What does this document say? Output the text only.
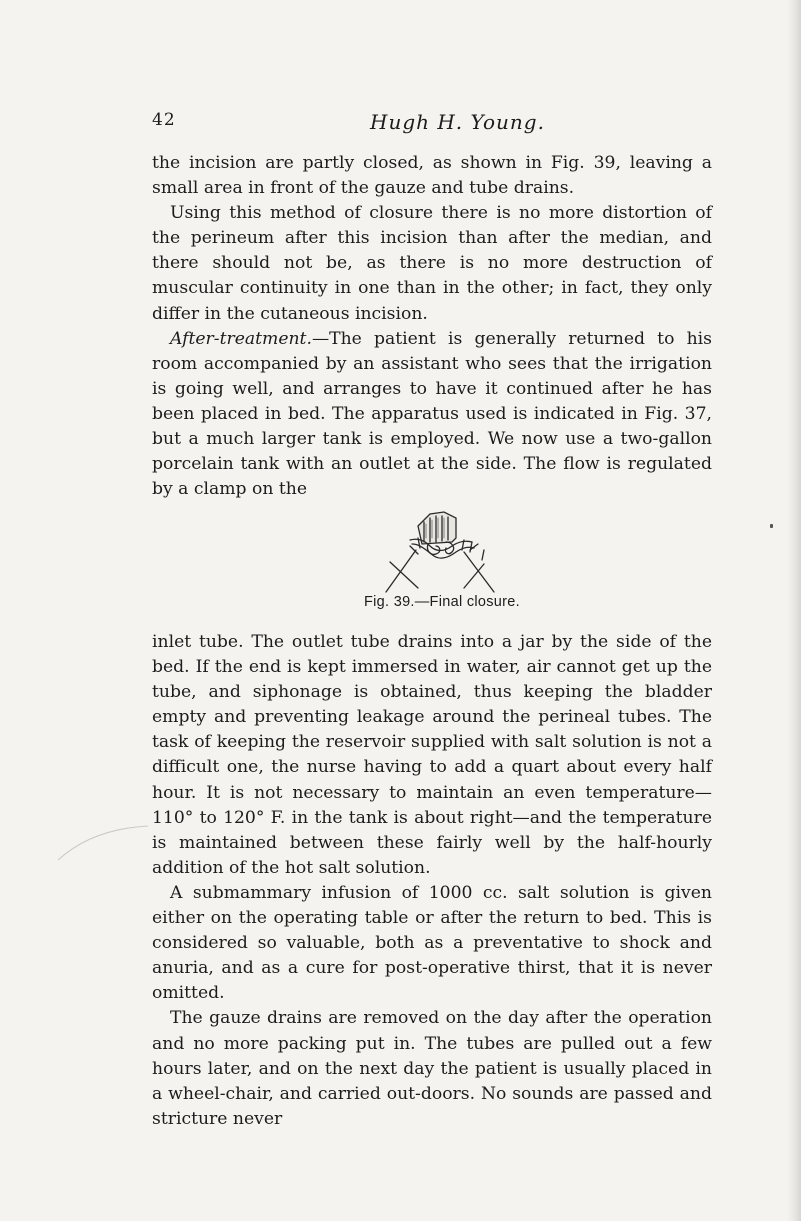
42	Hugh H. Young.

the incision are partly closed, as shown in Fig. 39, leaving a small area in front of the gauze and tube drains.

Using this method of closure there is no more distortion of the perineum after this incision than after the median, and there should not be, as there is no more destruction of muscular continuity in one than in the other; in fact, they only differ in the cutaneous incision.

After-treatment.—The patient is generally returned to his room accompanied by an assistant who sees that the irrigation is going well, and arranges to have it continued after he has been placed in bed. The apparatus used is indicated in Fig. 37, but a much larger tank is employed. We now use a two-gallon porcelain tank with an outlet at the side. The flow is regulated by a clamp on the

Fig. 39.—Final closure.

inlet tube. The outlet tube drains into a jar by the side of the bed. If the end is kept immersed in water, air cannot get up the tube, and siphonage is obtained, thus keeping the bladder empty and preventing leakage around the perineal tubes. The task of keeping the reservoir supplied with salt solution is not a difficult one, the nurse having to add a quart about every half hour. It is not necessary to maintain an even temperature—110° to 120° F. in the tank is about right—and the temperature is maintained between these fairly well by the half-hourly addition of the hot salt solution.

A submammary infusion of 1000 cc. salt solution is given either on the operating table or after the return to bed. This is considered so valuable, both as a preventative to shock and anuria, and as a cure for post-operative thirst, that it is never omitted.

The gauze drains are removed on the day after the operation and no more packing put in. The tubes are pulled out a few hours later, and on the next day the patient is usually placed in a wheel-chair, and carried out-doors. No sounds are passed and stricture never
